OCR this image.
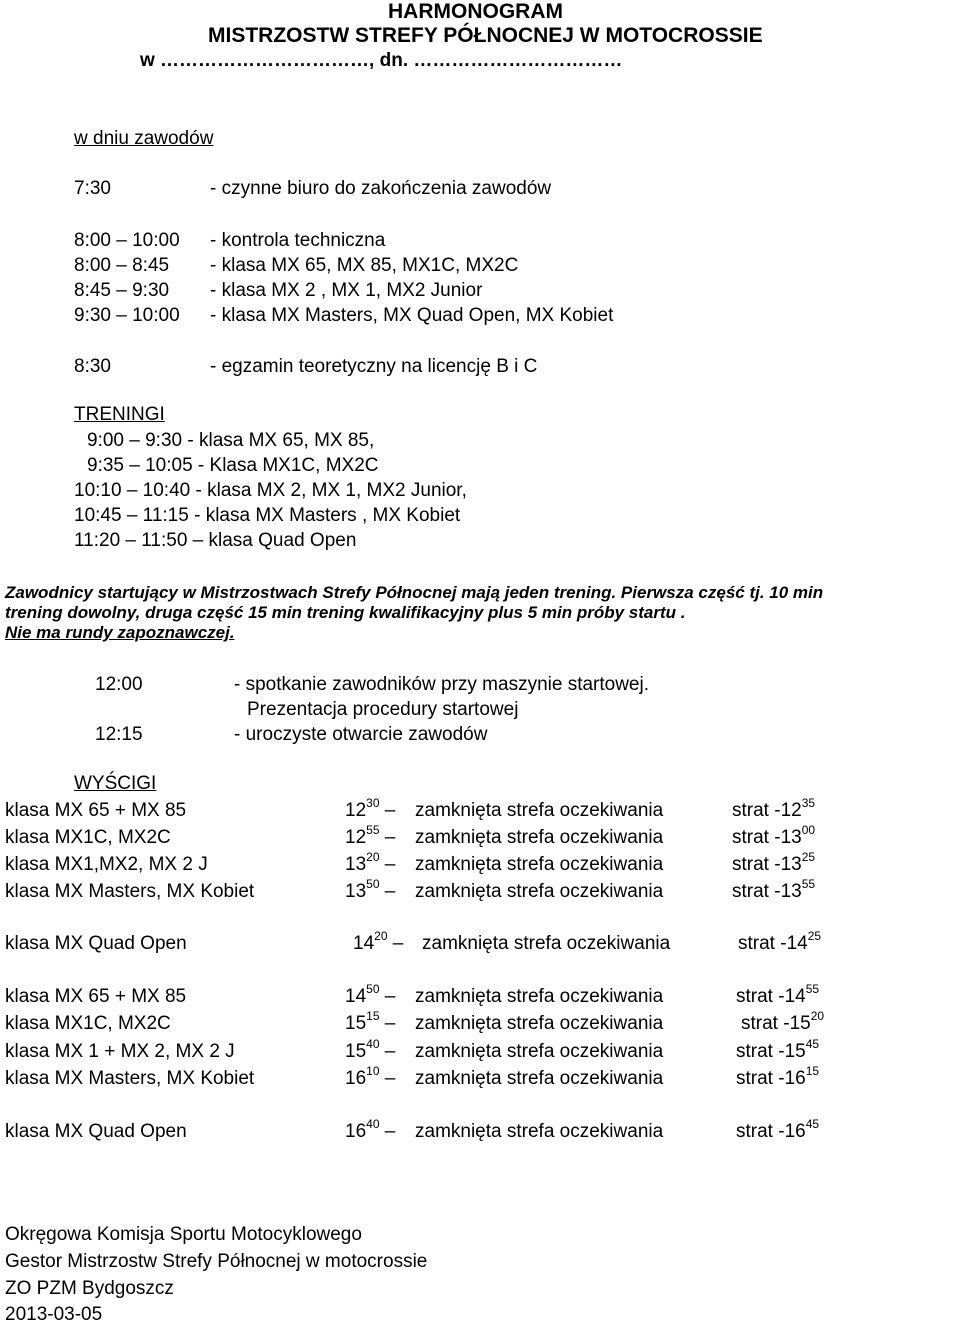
HARMONOGRAM
MISTRZOSTW STREFY PÓŁNOCNEJ W MOTOCROSSIE
w ……………………………, dn. ……………………………
w dniu zawodów
7:30	- czynne biuro do zakończenia zawodów
8:00 – 10:00 - kontrola techniczna
8:00 – 8:45 - klasa MX 65, MX 85, MX1C, MX2C
8:45 – 9:30 - klasa MX 2 , MX 1, MX2 Junior
9:30 – 10:00 - klasa MX Masters, MX Quad Open, MX Kobiet
8:30	- egzamin teoretyczny na licencję B i C
TRENINGI
9:00 – 9:30 - klasa MX 65, MX 85,
9:35 – 10:05 - Klasa MX1C, MX2C
10:10 – 10:40 - klasa MX 2, MX 1, MX2 Junior,
10:45 – 11:15 - klasa MX Masters , MX Kobiet
11:20 – 11:50 – klasa Quad Open
Zawodnicy startujący w Mistrzostwach Strefy Północnej mają jeden trening. Pierwsza część tj. 10 min
trening dowolny, druga część 15 min trening kwalifikacyjny plus 5 min próby startu .
Nie ma rundy zapoznawczej.
12:00	- spotkanie zawodników przy maszynie startowej.
Prezentacja procedury startowej
12:15	- uroczyste otwarcie zawodów
WYŚCIGI
klasa MX 65 + MX 85	$12^{30}$ – zamknięta strefa oczekiwania	strat $-12^{35}$
klasa MX1C, MX2C	$12^{55}$ – zamknięta strefa oczekiwania	strat $-13^{00}$
klasa MX1,MX2, MX 2 J	$13^{20}$ – zamknięta strefa oczekiwania	strat $-13^{25}$
klasa MX Masters, MX Kobiet	$13^{50}$ – zamknięta strefa oczekiwania	strat $-13^{55}$
klasa MX Quad Open	$14^{20}$ – zamknięta strefa oczekiwania	strat $-14^{25}$
klasa MX 65 + MX 85	$14^{50}$ – zamknięta strefa oczekiwania	strat $-14^{55}$
klasa MX1C, MX2C	$15^{15}$ – zamknięta strefa oczekiwania	strat $-15^{20}$
klasa MX 1 + MX 2, MX 2 J	$15^{40}$ – zamknięta strefa oczekiwania	strat $-15^{45}$
klasa MX Masters, MX Kobiet	$16^{10}$ – zamknięta strefa oczekiwania	strat $-16^{15}$
klasa MX Quad Open	$16^{40}$ – zamknięta strefa oczekiwania	strat $-16^{45}$
Okręgowa Komisja Sportu Motocyklowego
Gestor Mistrzostw Strefy Północnej w motocrossie
ZO PZM Bydgoszcz
2013-03-05
